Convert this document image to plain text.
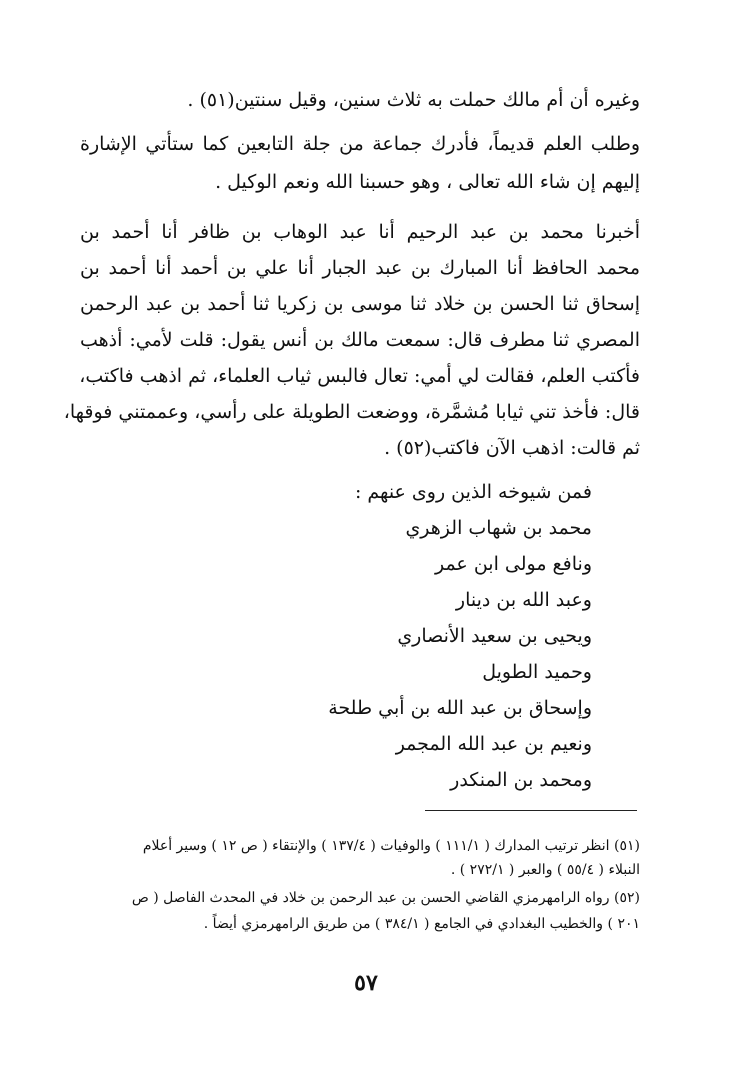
وغيره أن أم مالك حملت به ثلاث سنين، وقيل سنتين(٥١) .
وطلب العلم قديماً، فأدرك جماعة من جلة التابعين كما ستأتي الإشارة
إليهم إن شاء الله تعالى ، وهو حسبنا الله ونعم الوكيل .
أخبرنا محمد بن عبد الرحيم أنا عبد الوهاب بن ظافر أنا أحمد بن
محمد الحافظ أنا المبارك بن عبد الجبار أنا علي بن أحمد أنا أحمد بن
إسحاق ثنا الحسن بن خلاد ثنا موسى بن زكريا ثنا أحمد بن عبد الرحمن
المصري ثنا مطرف قال: سمعت مالك بن أنس يقول: قلت لأمي: أذهب
فأكتب العلم، فقالت لي أمي: تعال فالبس ثياب العلماء، ثم اذهب فاكتب،
قال: فأخذ تني ثيابا مُشمَّرة، ووضعت الطويلة على رأسي، وعممتني فوقها،
ثم قالت: اذهب الآن فاكتب(٥٢) .
فمن شيوخه الذين روى عنهم :
محمد بن شهاب الزهري
ونافع مولى ابن عمر
وعبد الله بن دينار
ويحيى بن سعيد الأنصاري
وحميد الطويل
وإسحاق بن عبد الله بن أبي طلحة
ونعيم بن عبد الله المجمر
ومحمد بن المنكدر
(٥١) انظر ترتيب المدارك ( ١١١/١ ) والوفيات ( ١٣٧/٤ ) والإنتقاء ( ص ١٢ ) وسير أعلام
النبلاء ( ٥٥/٤ ) والعبر ( ٢٧٢/١ ) .
(٥٢) رواه الرامهرمزي القاضي الحسن بن عبد الرحمن بن خلاد في المحدث الفاصل ( ص
٢٠١ ) والخطيب البغدادي في الجامع ( ٣٨٤/١ ) من طريق الرامهرمزي أيضاً .
٥٧
